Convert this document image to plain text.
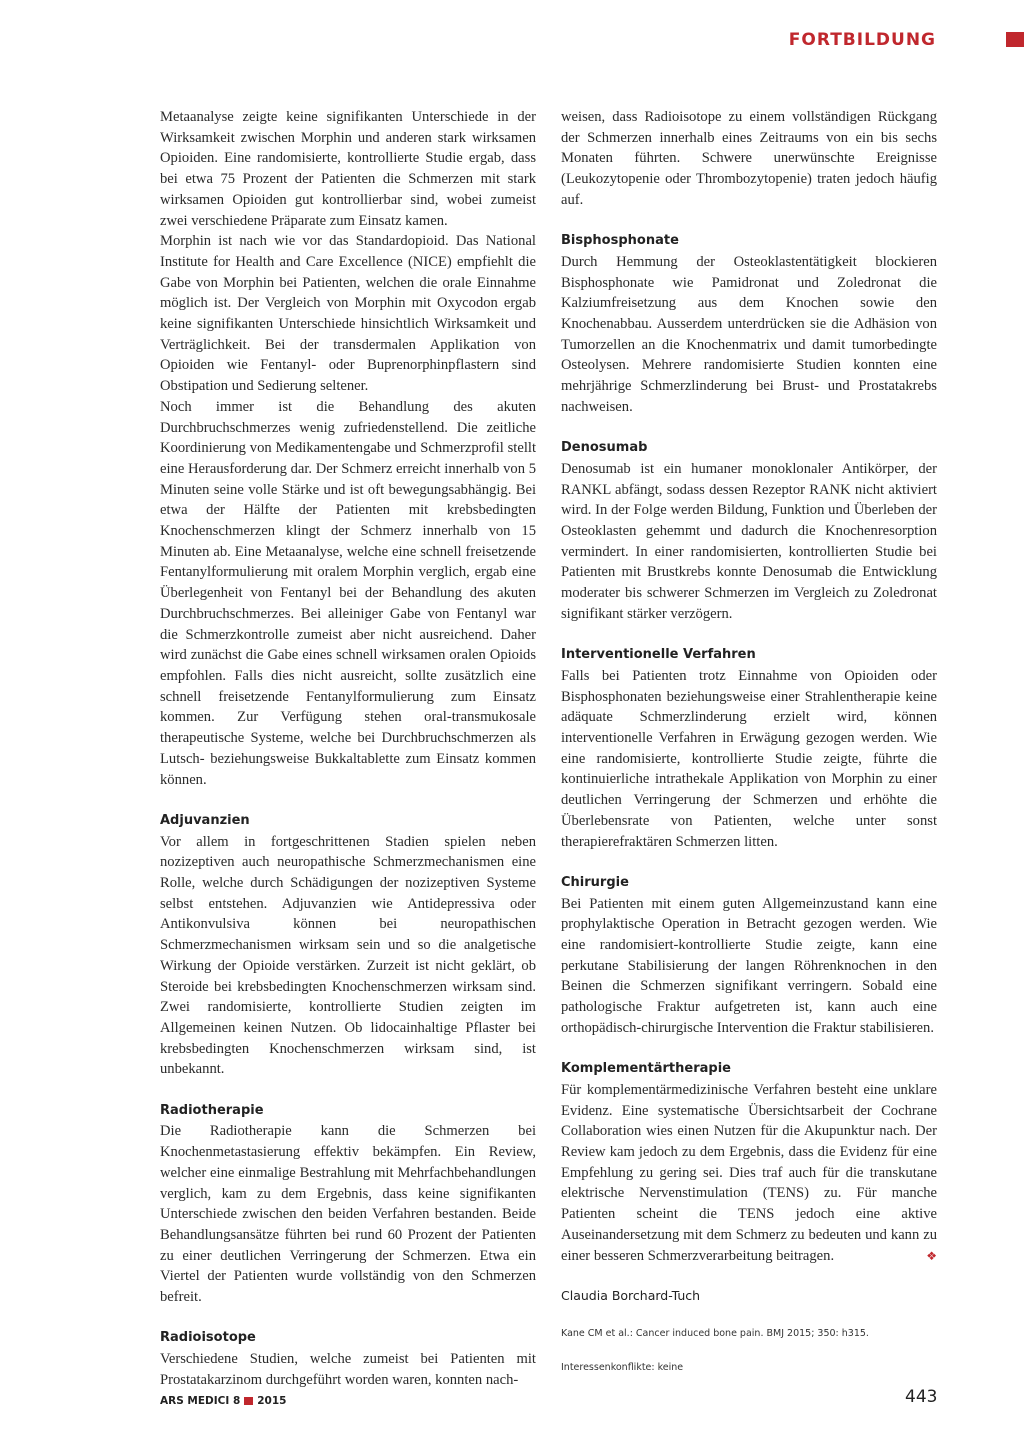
FORTBILDUNG

Metaanalyse zeigte keine signifikanten Unterschiede in der Wirksamkeit zwischen Morphin und anderen stark wirksamen Opioiden. Eine randomisierte, kontrollierte Studie ergab, dass bei etwa 75 Prozent der Patienten die Schmerzen mit stark wirksamen Opioiden gut kontrollierbar sind, wobei zumeist zwei verschiedene Präparate zum Einsatz kamen.

Morphin ist nach wie vor das Standardopioid. Das National Institute for Health and Care Excellence (NICE) empfiehlt die Gabe von Morphin bei Patienten, welchen die orale Einnahme möglich ist. Der Vergleich von Morphin mit Oxycodon ergab keine signifikanten Unterschiede hinsichtlich Wirksamkeit und Verträglichkeit. Bei der transdermalen Applikation von Opioiden wie Fentanyl- oder Buprenorphinpflastern sind Obstipation und Sedierung seltener.

Noch immer ist die Behandlung des akuten Durchbruchschmerzes wenig zufriedenstellend. Die zeitliche Koordinierung von Medikamentengabe und Schmerzprofil stellt eine Herausforderung dar. Der Schmerz erreicht innerhalb von 5 Minuten seine volle Stärke und ist oft bewegungsabhängig. Bei etwa der Hälfte der Patienten mit krebsbedingten Knochenschmerzen klingt der Schmerz innerhalb von 15 Minuten ab. Eine Metaanalyse, welche eine schnell freisetzende Fentanylformulierung mit oralem Morphin verglich, ergab eine Überlegenheit von Fentanyl bei der Behandlung des akuten Durchbruchschmerzes. Bei alleiniger Gabe von Fentanyl war die Schmerzkontrolle zumeist aber nicht ausreichend. Daher wird zunächst die Gabe eines schnell wirksamen oralen Opioids empfohlen. Falls dies nicht ausreicht, sollte zusätzlich eine schnell freisetzende Fentanylformulierung zum Einsatz kommen. Zur Verfügung stehen oral-transmukosale therapeutische Systeme, welche bei Durchbruchschmerzen als Lutsch- beziehungsweise Bukkaltablette zum Einsatz kommen können.

Adjuvanzien

Vor allem in fortgeschrittenen Stadien spielen neben nozizeptiven auch neuropathische Schmerzmechanismen eine Rolle, welche durch Schädigungen der nozizeptiven Systeme selbst entstehen. Adjuvanzien wie Antidepressiva oder Antikonvulsiva können bei neuropathischen Schmerzmechanismen wirksam sein und so die analgetische Wirkung der Opioide verstärken. Zurzeit ist nicht geklärt, ob Steroide bei krebsbedingten Knochenschmerzen wirksam sind. Zwei randomisierte, kontrollierte Studien zeigten im Allgemeinen keinen Nutzen. Ob lidocainhaltige Pflaster bei krebsbedingten Knochenschmerzen wirksam sind, ist unbekannt.

Radiotherapie

Die Radiotherapie kann die Schmerzen bei Knochenmetastasierung effektiv bekämpfen. Ein Review, welcher eine einmalige Bestrahlung mit Mehrfachbehandlungen verglich, kam zu dem Ergebnis, dass keine signifikanten Unterschiede zwischen den beiden Verfahren bestanden. Beide Behandlungsansätze führten bei rund 60 Prozent der Patienten zu einer deutlichen Verringerung der Schmerzen. Etwa ein Viertel der Patienten wurde vollständig von den Schmerzen befreit.

Radioisotope

Verschiedene Studien, welche zumeist bei Patienten mit Prostatakarzinom durchgeführt worden waren, konnten nach-

weisen, dass Radioisotope zu einem vollständigen Rückgang der Schmerzen innerhalb eines Zeitraums von ein bis sechs Monaten führten. Schwere unerwünschte Ereignisse (Leukozytopenie oder Thrombozytopenie) traten jedoch häufig auf.

Bisphosphonate

Durch Hemmung der Osteoklastentätigkeit blockieren Bisphosphonate wie Pamidronat und Zoledronat die Kalziumfreisetzung aus dem Knochen sowie den Knochenabbau. Ausserdem unterdrücken sie die Adhäsion von Tumorzellen an die Knochenmatrix und damit tumorbedingte Osteolysen. Mehrere randomisierte Studien konnten eine mehrjährige Schmerzlinderung bei Brust- und Prostatakrebs nachweisen.

Denosumab

Denosumab ist ein humaner monoklonaler Antikörper, der RANKL abfängt, sodass dessen Rezeptor RANK nicht aktiviert wird. In der Folge werden Bildung, Funktion und Überleben der Osteoklasten gehemmt und dadurch die Knochenresorption vermindert. In einer randomisierten, kontrollierten Studie bei Patienten mit Brustkrebs konnte Denosumab die Entwicklung moderater bis schwerer Schmerzen im Vergleich zu Zoledronat signifikant stärker verzögern.

Interventionelle Verfahren

Falls bei Patienten trotz Einnahme von Opioiden oder Bisphosphonaten beziehungsweise einer Strahlentherapie keine adäquate Schmerzlinderung erzielt wird, können interventionelle Verfahren in Erwägung gezogen werden. Wie eine randomisierte, kontrollierte Studie zeigte, führte die kontinuierliche intrathekale Applikation von Morphin zu einer deutlichen Verringerung der Schmerzen und erhöhte die Überlebensrate von Patienten, welche unter sonst therapierefraktären Schmerzen litten.

Chirurgie

Bei Patienten mit einem guten Allgemeinzustand kann eine prophylaktische Operation in Betracht gezogen werden. Wie eine randomisiert-kontrollierte Studie zeigte, kann eine perkutane Stabilisierung der langen Röhrenknochen in den Beinen die Schmerzen signifikant verringern. Sobald eine pathologische Fraktur aufgetreten ist, kann auch eine orthopädisch-chirurgische Intervention die Fraktur stabilisieren.

Komplementärtherapie

Für komplementärmedizinische Verfahren besteht eine unklare Evidenz. Eine systematische Übersichtsarbeit der Cochrane Collaboration wies einen Nutzen für die Akupunktur nach. Der Review kam jedoch zu dem Ergebnis, dass die Evidenz für eine Empfehlung zu gering sei. Dies traf auch für die transkutane elektrische Nervenstimulation (TENS) zu. Für manche Patienten scheint die TENS jedoch eine aktive Auseinandersetzung mit dem Schmerz zu bedeuten und kann zu einer besseren Schmerzverarbeitung beitragen.	❖

Claudia Borchard-Tuch
Kane CM et al.: Cancer induced bone pain. BMJ 2015; 350: h315.
Interessenkonflikte: keine
ARS MEDICI 8 2015	443
